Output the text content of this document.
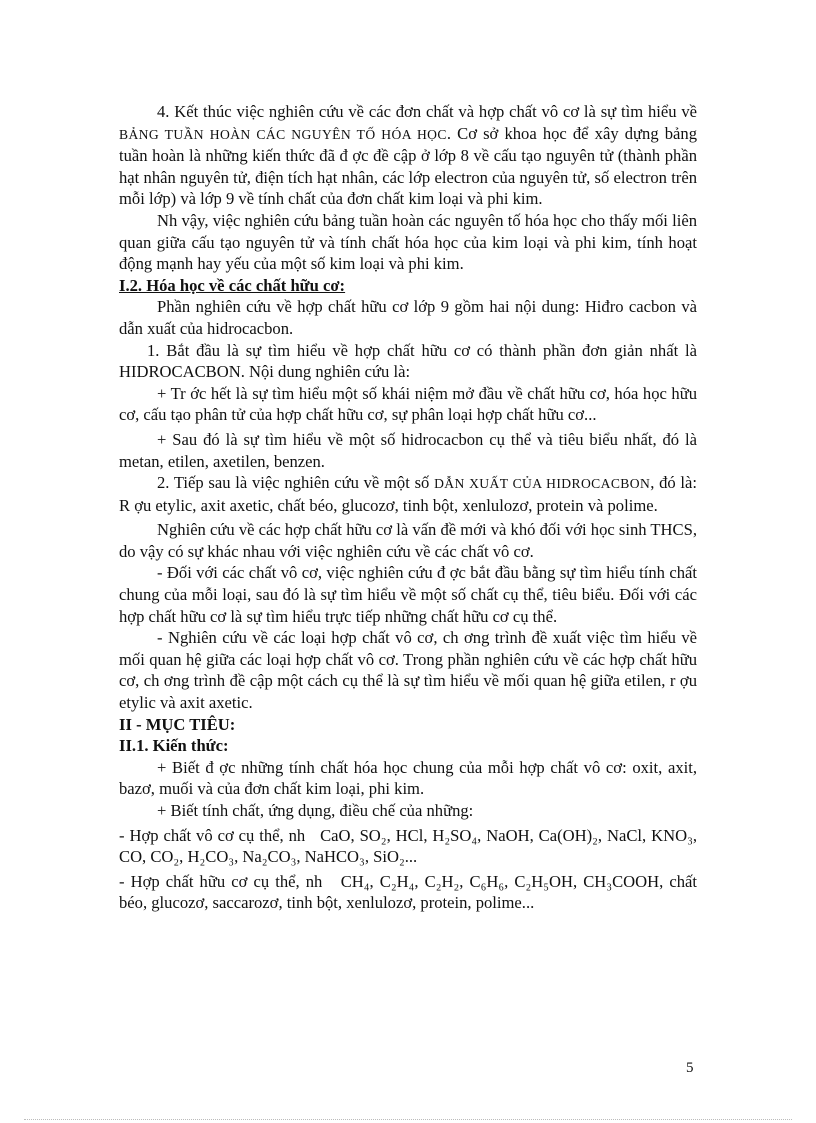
4. Kết thúc việc nghiên cứu về các đơn chất và hợp chất vô cơ là sự tìm hiểu về BẢNG TUẦN HOÀN CÁC NGUYÊN TỐ HÓA HỌC. Cơ sở khoa học để xây dựng bảng tuần hoàn là những kiến thức đã đ ợc đề cập ở lớp 8 về cấu tạo nguyên tử (thành phần hạt nhân nguyên tử, điện tích hạt nhân, các lớp electron của nguyên tử, số electron trên mỗi lớp) và lớp 9 về tính chất của đơn chất kim loại và phi kim.

Nh vậy, việc nghiên cứu bảng tuần hoàn các nguyên tố hóa học cho thấy mối liên quan giữa cấu tạo nguyên tử và tính chất hóa học của kim loại và phi kim, tính hoạt động mạnh hay yếu của một số kim loại và phi kim.

I.2. Hóa học về các chất hữu cơ:

Phần nghiên cứu về hợp chất hữu cơ lớp 9 gồm hai nội dung: Hiđro cacbon và dẫn xuất của hidrocacbon.

1. Bắt đầu là sự tìm hiểu về hợp chất hữu cơ có thành phần đơn giản nhất là HIDROCACBON. Nội dung nghiên cứu là:

+ Tr ớc hết là sự tìm hiểu một số khái niệm mở đầu về chất hữu cơ, hóa học hữu cơ, cấu tạo phân tử của hợp chất hữu cơ, sự phân loại hợp chất hữu cơ...

+ Sau đó là sự tìm hiểu về một số hidrocacbon cụ thể và tiêu biểu nhất, đó là metan, etilen, axetilen, benzen.

2. Tiếp sau là việc nghiên cứu về một số DẪN XUẤT CỦA HIDROCACBON, đó là: R ợu etylic, axit axetic, chất béo, glucozơ, tinh bột, xenlulozơ, protein và polime.

Nghiên cứu về các hợp chất hữu cơ là vấn đề mới và khó đối với học sinh THCS, do vậy có sự khác nhau với việc nghiên cứu về các chất vô cơ.

- Đối với các chất vô cơ, việc nghiên cứu đ ợc bắt đầu bằng sự tìm hiểu tính chất chung của mỗi loại, sau đó là sự tìm hiểu về một số chất cụ thể, tiêu biểu. Đối với các hợp chất hữu cơ là sự tìm hiểu trực tiếp những chất hữu cơ cụ thể.

- Nghiên cứu về các loại hợp chất vô cơ, ch ơng trình đề xuất việc tìm hiểu về mối quan hệ giữa các loại hợp chất vô cơ. Trong phần nghiên cứu về các hợp chất hữu cơ, ch ơng trình đề cập một cách cụ thể là sự tìm hiểu về mối quan hệ giữa etilen, r ợu etylic và axit axetic.

II - MỤC TIÊU:

II.1. Kiến thức:

+ Biết đ ợc những tính chất hóa học chung của mỗi hợp chất vô cơ: oxit, axit, bazơ, muối và của đơn chất kim loại, phi kim.

+ Biết tính chất, ứng dụng, điều chế của những:

- Hợp chất vô cơ cụ thể, nh CaO, SO₂, HCl, H₂SO₄, NaOH, Ca(OH)₂, NaCl, KNO₃, CO, CO₂, H₂CO₃, Na₂CO₃, NaHCO₃, SiO₂...

- Hợp chất hữu cơ cụ thể, nh CH₄, C₂H₄, C₂H₂, C₆H₆, C₂H₅OH, CH₃COOH, chất béo, glucozơ, saccarozơ, tinh bột, xenlulozơ, protein, polime...

5
